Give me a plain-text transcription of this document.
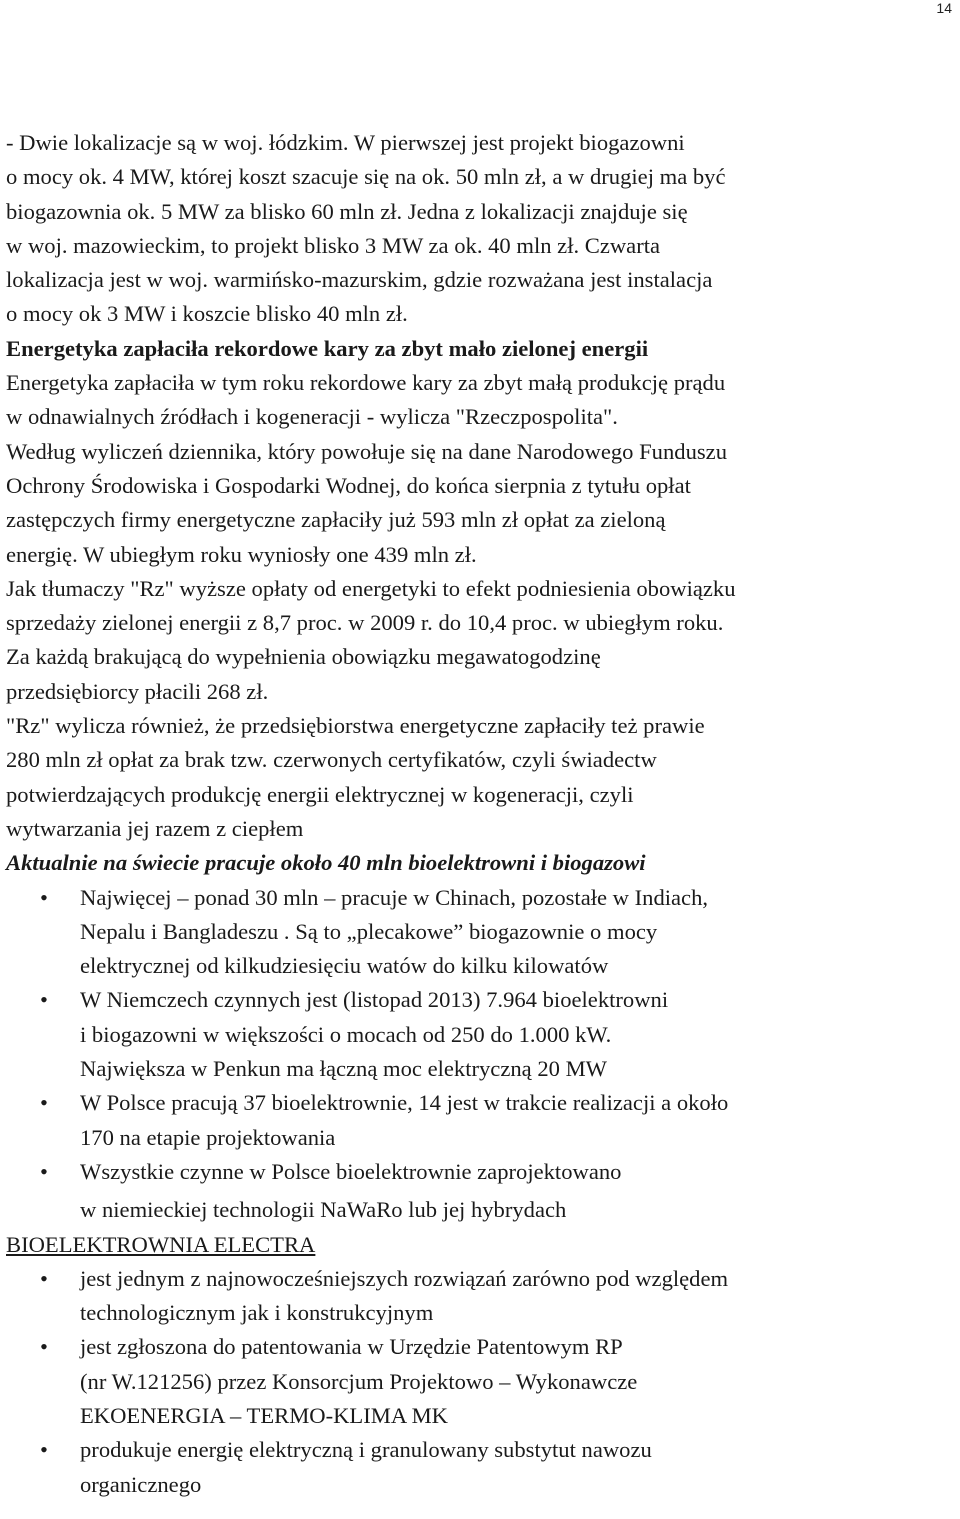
14

- Dwie lokalizacje są w woj. łódzkim. W pierwszej jest projekt biogazowni

o mocy ok. 4 MW, której koszt szacuje się na ok. 50 mln zł, a w drugiej ma być

biogazownia ok. 5 MW za blisko 60 mln zł. Jedna z lokalizacji znajduje się

w woj. mazowieckim, to projekt blisko 3 MW za ok. 40 mln zł. Czwarta

lokalizacja jest w woj. warmińsko-mazurskim, gdzie rozważana jest instalacja

o mocy ok 3 MW i koszcie blisko 40 mln zł.

Energetyka zapłaciła rekordowe kary za zbyt mało zielonej energii

Energetyka zapłaciła w tym roku rekordowe kary za zbyt małą produkcję prądu

w odnawialnych źródłach i kogeneracji - wylicza "Rzeczpospolita".

Według wyliczeń dziennika, który powołuje się na dane Narodowego Funduszu

Ochrony Środowiska i Gospodarki Wodnej, do końca sierpnia z tytułu opłat

zastępczych firmy energetyczne zapłaciły już 593 mln zł opłat za zieloną

energię. W ubiegłym roku wyniosły one 439 mln zł.

Jak tłumaczy "Rz" wyższe opłaty od energetyki to efekt podniesienia obowiązku

sprzedaży zielonej energii z 8,7 proc. w 2009 r. do 10,4 proc. w ubiegłym roku.

Za każdą brakującą do wypełnienia obowiązku megawatogodzinę

przedsiębiorcy płacili 268 zł.

"Rz" wylicza również, że przedsiębiorstwa energetyczne zapłaciły też prawie

280 mln zł opłat za brak tzw. czerwonych certyfikatów, czyli świadectw

potwierdzających produkcję energii elektrycznej w kogeneracji, czyli

wytwarzania jej razem z ciepłem

Aktualnie na świecie pracuje około 40 mln bioelektrowni i biogazowi

• Najwięcej – ponad 30 mln – pracuje w Chinach, pozostałe w Indiach,
Nepalu i Bangladeszu . Są to „plecakowe” biogazownie o mocy
elektrycznej od kilkudziesięciu watów do kilku kilowatów
• W Niemczech czynnych jest (listopad 2013) 7.964 bioelektrowni
i biogazowni w większości o mocach od 250 do 1.000 kW.
Największa w Penkun ma łączną moc elektryczną 20 MW
• W Polsce pracują 37 bioelektrownie, 14 jest w trakcie realizacji a około
170 na etapie projektowania
• Wszystkie czynne w Polsce bioelektrownie zaprojektowano
w niemieckiej technologii NaWaRo lub jej hybrydach

BIOELEKTROWNIA ELECTRA

• jest jednym z najnowocześniejszych rozwiązań zarówno pod względem
technologicznym jak i konstrukcyjnym
• jest zgłoszona do patentowania w Urzędzie Patentowym RP
(nr W.121256) przez Konsorcjum Projektowo – Wykonawcze
EKOENERGIA – TERMO-KLIMA MK
• produkuje energię elektryczną i granulowany substytut nawozu
organicznego
